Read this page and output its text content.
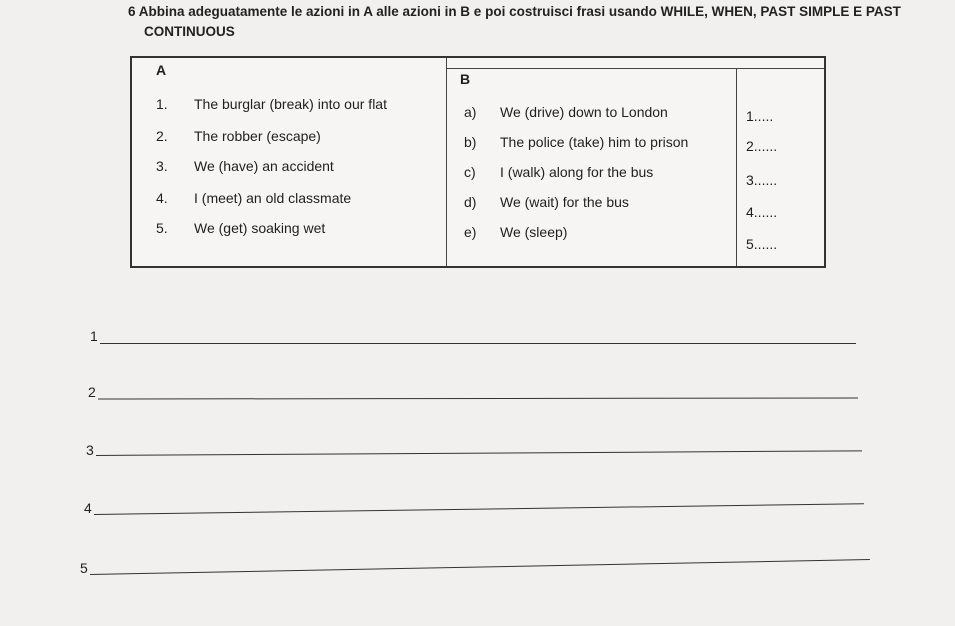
6 Abbina adeguatamente le azioni in A alle azioni in B e poi costruisci frasi usando WHILE, WHEN, PAST SIMPLE E PAST
CONTINUOUS
A
1. The burglar (break) into our flat
2. The robber (escape)
3. We (have) an accident
4. I (meet) an old classmate
5. We (get) soaking wet
B
a) We (drive) down to London
b) The police (take) him to prison
c) I (walk) along for the bus
d) We (wait) for the bus
e) We (sleep)
1.....
2......
3......
4......
5......
1
2
3
4
5
